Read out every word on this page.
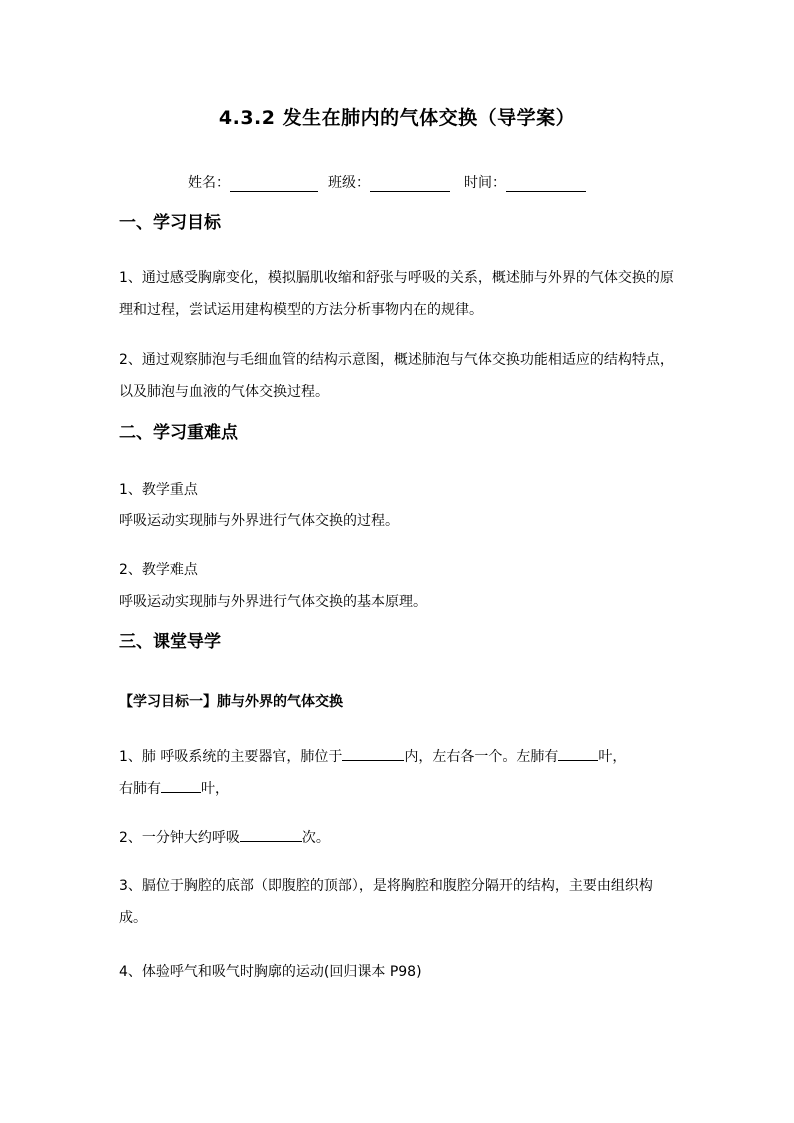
4.3.2 发生在肺内的气体交换（导学案）
姓名：	班级：	时间：
一、学习目标
1、通过感受胸廓变化，模拟膈肌收缩和舒张与呼吸的关系，概述肺与外界的气体交换的原理和过程，尝试运用建构模型的方法分析事物内在的规律。
2、通过观察肺泡与毛细血管的结构示意图，概述肺泡与气体交换功能相适应的结构特点，以及肺泡与血液的气体交换过程。
二、学习重难点
1、教学重点
呼吸运动实现肺与外界进行气体交换的过程。
2、教学难点
呼吸运动实现肺与外界进行气体交换的基本原理。
三、课堂导学
【学习目标一】肺与外界的气体交换
1、肺 呼吸系统的主要器官，肺位于	内，左右各一个。左肺有	叶，
右肺有	叶，
2、一分钟大约呼吸	次。
3、膈位于胸腔的底部（即腹腔的顶部），是将胸腔和腹腔分隔开的结构，主要由组织构成。
4、体验呼气和吸气时胸廓的运动(回归课本 P98)
